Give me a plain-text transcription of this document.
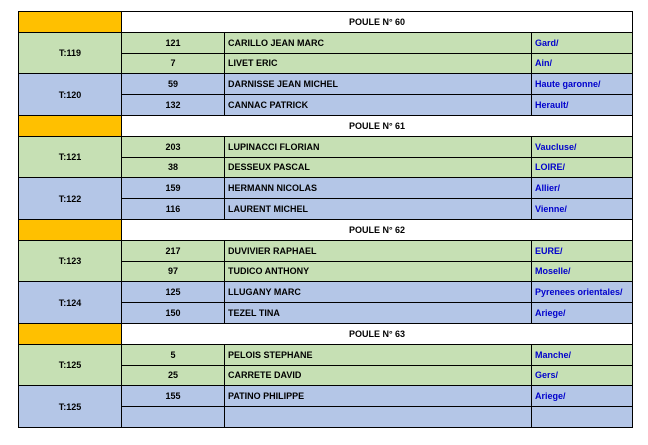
	POULE N° 60		
T:119	121	CARILLO JEAN MARC	Gard/
	7	LIVET ERIC	Ain/
T:120	59	DARNISSE JEAN MICHEL	Haute garonne/
	132	CANNAC PATRICK	Herault/
	POULE N° 61		
T:121	203	LUPINACCI FLORIAN	Vaucluse/
	38	DESSEUX PASCAL	LOIRE/
T:122	159	HERMANN NICOLAS	Allier/
	116	LAURENT MICHEL	Vienne/
	POULE N° 62		
T:123	217	DUVIVIER RAPHAEL	EURE/
	97	TUDICO ANTHONY	Moselle/
T:124	125	LLUGANY MARC	Pyrenees orientales/
	150	TEZEL TINA	Ariege/
	POULE N° 63		
T:125	5	PELOIS STEPHANE	Manche/
	25	CARRETE DAVID	Gers/
T:125	155	PATINO PHILIPPE	Ariege/
